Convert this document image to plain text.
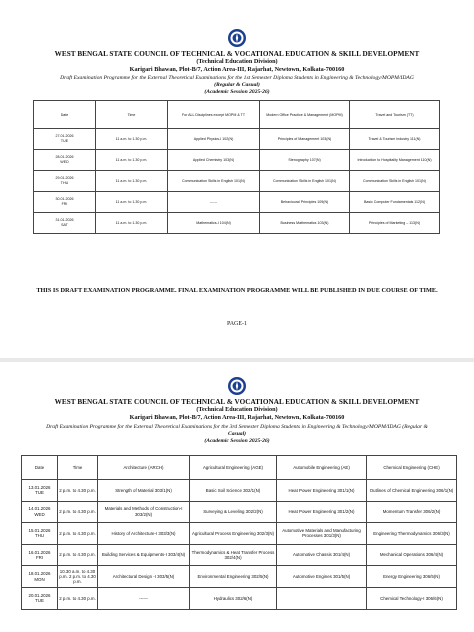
WEST BENGAL STATE COUNCIL OF TECHNICAL & VOCATIONAL EDUCATION & SKILL DEVELOPMENT
(Technical Education Division)
Karigari Bhawan, Plot-B/7, Action Area-III, Rajarhat, Newtown, Kolkata-700160
Draft Examination Programme for the External Theoretical Examinations for the 1st Semester Diploma Students in Engineering & Technology/MOPM/IDAG
(Regular & Casual)
(Academic Session 2025-26)
Date	Time	For ALL Disciplines except MOPM & TT	Modern Office Practice & Management (MOPM)	Travel and Tourism (TT)

27.01.2026
TUE	11 a.m. to 1.30 p.m.	Applied Physics-I 102(N)	Principles of Management 103(N)	Travel & Tourism Industry 111(N)

28.01.2026
WED	11 a.m. to 1.30 p.m.	Applied Chemistry 103(N)	Stenography 107(N)	Introduction to Hospitality Management 110(N)

29.01.2026
THU	11 a.m. to 1.30 p.m.	Communication Skills in English 101(N)	Communication Skills in English 101(N)	Communication Skills in English 101(N)

30.01.2026
FRI	11 a.m. to 1.30 p.m.	------	Behavioural Principles 109(N)	Basic Computer Fundamentals 112(N)

31.01.2026
SAT	11 a.m. to 1.30 p.m.	Mathematics-I 104(N)	Business Mathematics 103(N)	Principles of Marketing – 113(N)
THIS IS DRAFT EXAMINATION PROGRAMME. FINAL EXAMINATION PROGRAMME WILL BE PUBLISHED IN DUE COURSE OF TIME.
PAGE-1
WEST BENGAL STATE COUNCIL OF TECHNICAL & VOCATIONAL EDUCATION & SKILL DEVELOPMENT
(Technical Education Division)
Karigari Bhawan, Plot-B/7, Action Area-III, Rajarhat, Newtown, Kolkata-700160
Draft Examination Programme for the External Theoretical Examinations for the 3rd Semester Diploma Students in Engineering & Technology/MOPM/IDAG (Regular &
Casual)
(Academic Session 2025-26)
Date	Time	Architecture (ARCH)	Agricultural Engineering (AGE)	Automobile Engineering (AE)	Chemical Engineering (CHE)

13.01.2026
TUE	2 p.m. to 4.30 p.m.	Strength of Material 303/1(N)	Basic Soil Science 302/1(N)	Heat Power Engineering 301/1(N)	Outlines of Chemical Engineering 306/1(N)

14.01.2026
WED	2 p.m. to 4.30 p.m.	Materials and Methods of Construction-I 303/2(N)	Surveying & Leveling 302/2(N)	Heat Power Engineering 301/2(N)	Momentum Transfer 306/2(N)

15.01.2026
THU	2 p.m. to 4.30 p.m.	History of Architecture-I 303/3(N)	Agricultural Process Engineering 302/3(N)	Automotive Materials and Manufacturing Processes 301/3(N)	Engineering Thermodynamics 306/3(N)

16.01.2026
FRI	2 p.m. to 4.30 p.m.	Building Services & Equipments-I 303/4(N)	Thermodynamics & Heat Transfer Process 302/4(N)	Automotive Chassis 301/4(N)	Mechanical Operations 306/4(N)

18.01.2026
MON	10.30 a.m. to 4.30 p.m. 2 p.m. to 4.30 p.m.	Architectural Design -I 303/5(N)	Environmental Engineering 302/5(N)	Automotive Engines 301/5(N)	Energy Engineering 306/5(N)

20.01.2026
TUE	2 p.m. to 4.30 p.m.	------	Hydraulics 302/6(N)		Chemical Technology-I 306/6(N)
